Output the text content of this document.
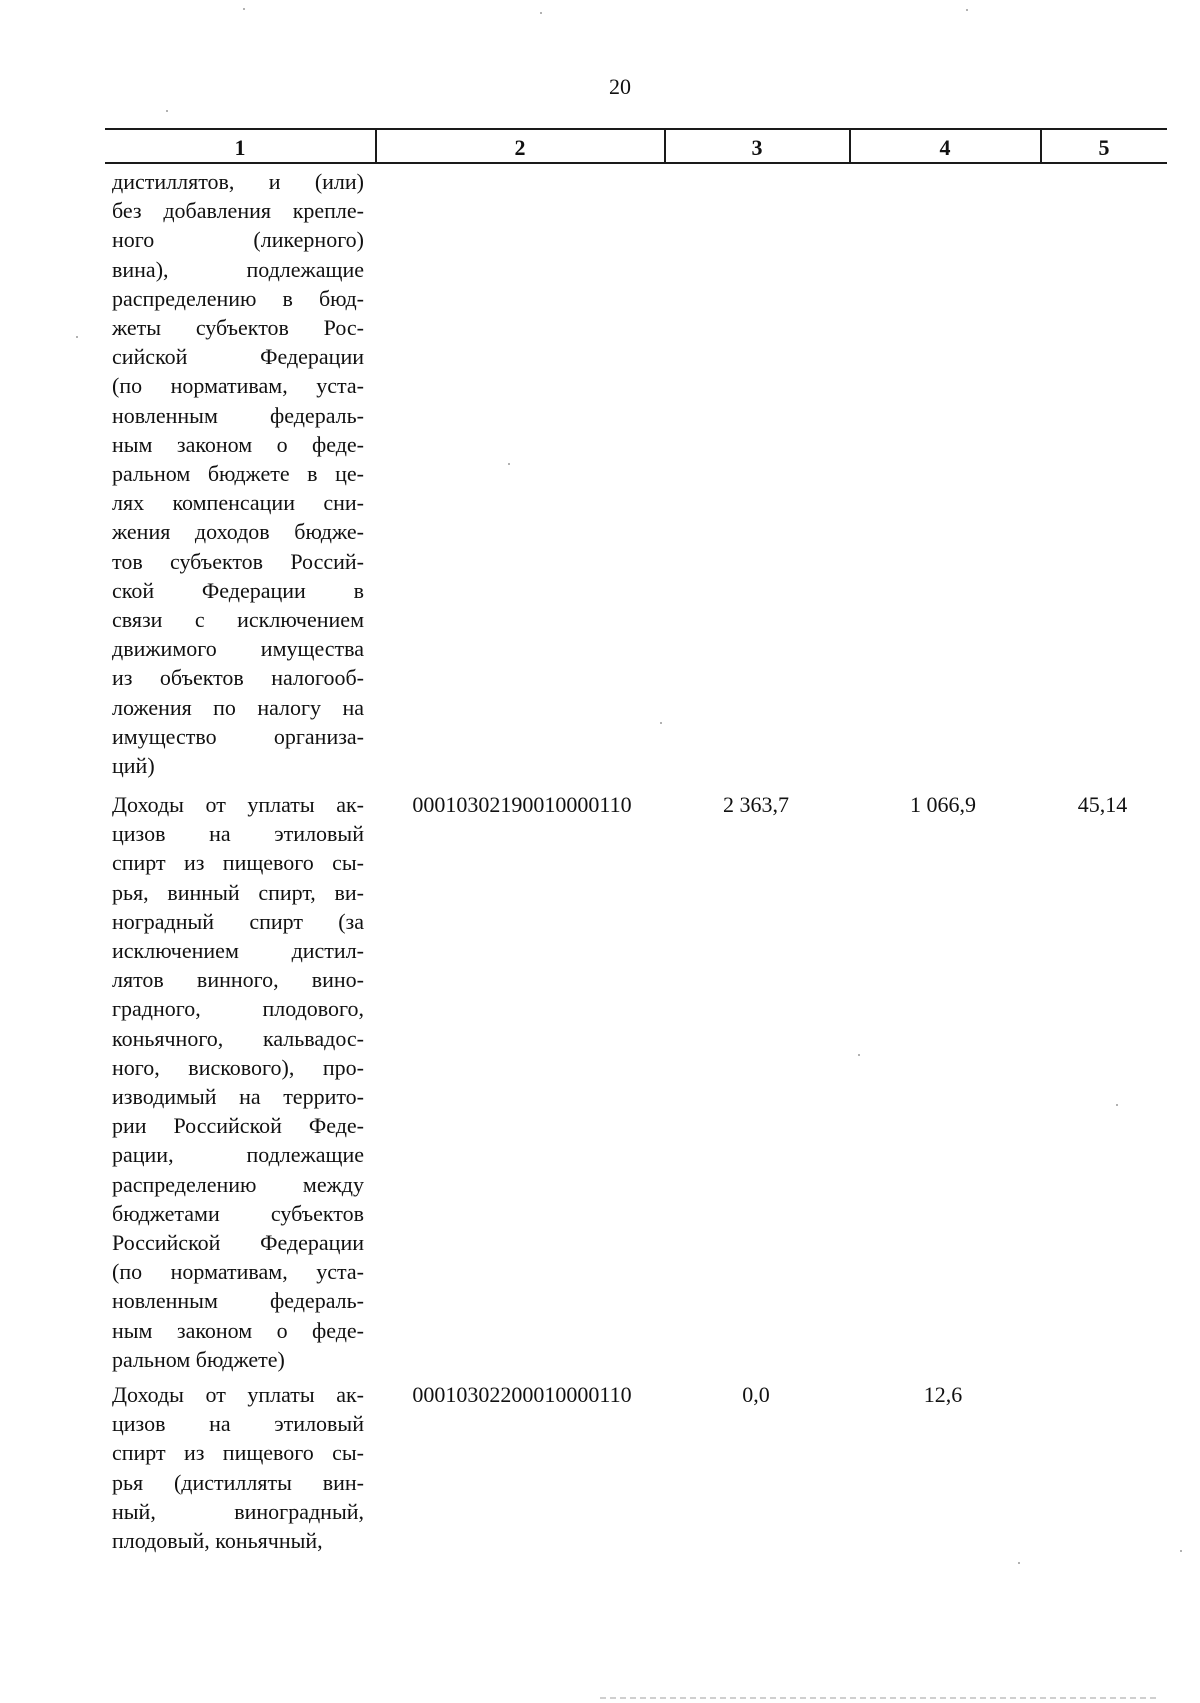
20
1	2	3	4	5
дистиллятов, и (или)
без добавления крепле-
ного (ликерного)
вина), подлежащие
распределению в бюд-
жеты субъектов Рос-
сийской Федерации
(по нормативам, уста-
новленным федераль-
ным законом о феде-
ральном бюджете в це-
лях компенсации сни-
жения доходов бюдже-
тов субъектов Россий-
ской Федерации в
связи с исключением
движимого имущества
из объектов налогооб-
ложения по налогу на
имущество организа-
ций)
Доходы от уплаты ак-
цизов на этиловый
спирт из пищевого сы-
рья, винный спирт, ви-
ноградный спирт (за
исключением дистил-
лятов винного, вино-
градного, плодового,
коньячного, кальвадос-
ного, вискового), про-
изводимый на террито-
рии Российской Феде-
рации, подлежащие
распределению между
бюджетами субъектов
Российской Федерации
(по нормативам, уста-
новленным федераль-
ным законом о феде-
ральном бюджете)
00010302190010000110	2 363,7	1 066,9	45,14
Доходы от уплаты ак-
цизов на этиловый
спирт из пищевого сы-
рья (дистилляты вин-
ный, виноградный,
плодовый, коньячный,
00010302200010000110	0,0	12,6
